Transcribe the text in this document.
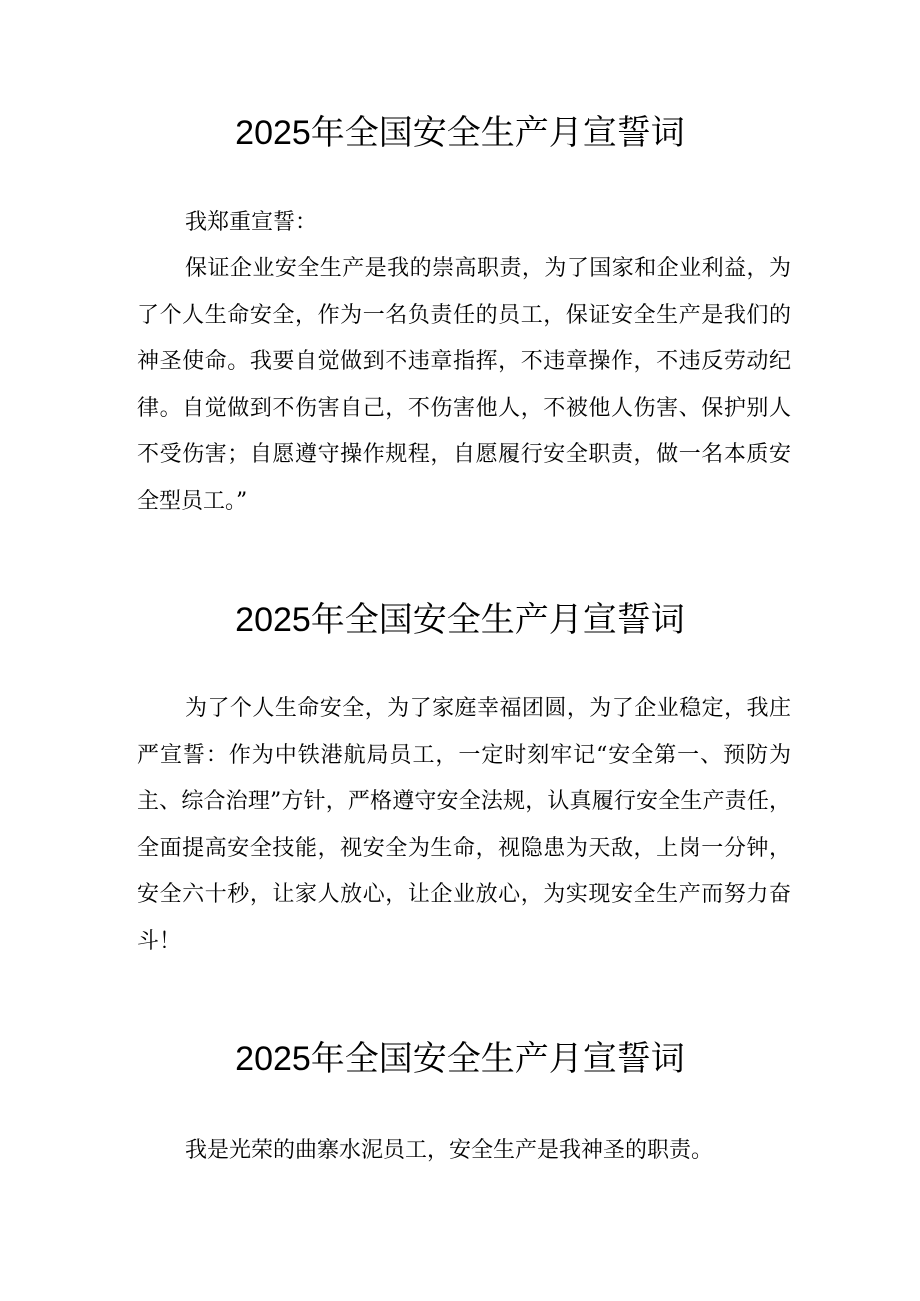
2025年全国安全生产月宣誓词

我郑重宣誓：

保证企业安全生产是我的崇高职责，为了国家和企业利益，为了个人生命安全，作为一名负责任的员工，保证安全生产是我们的神圣使命。我要自觉做到不违章指挥，不违章操作，不违反劳动纪律。自觉做到不伤害自己，不伤害他人，不被他人伤害、保护别人不受伤害；自愿遵守操作规程，自愿履行安全职责，做一名本质安全型员工。”

2025年全国安全生产月宣誓词

为了个人生命安全，为了家庭幸福团圆，为了企业稳定，我庄严宣誓：作为中铁港航局员工，一定时刻牢记“安全第一、预防为主、综合治理”方针，严格遵守安全法规，认真履行安全生产责任，全面提高安全技能，视安全为生命，视隐患为天敌，上岗一分钟，安全六十秒，让家人放心，让企业放心，为实现安全生产而努力奋斗！

2025年全国安全生产月宣誓词

我是光荣的曲寨水泥员工，安全生产是我神圣的职责。
